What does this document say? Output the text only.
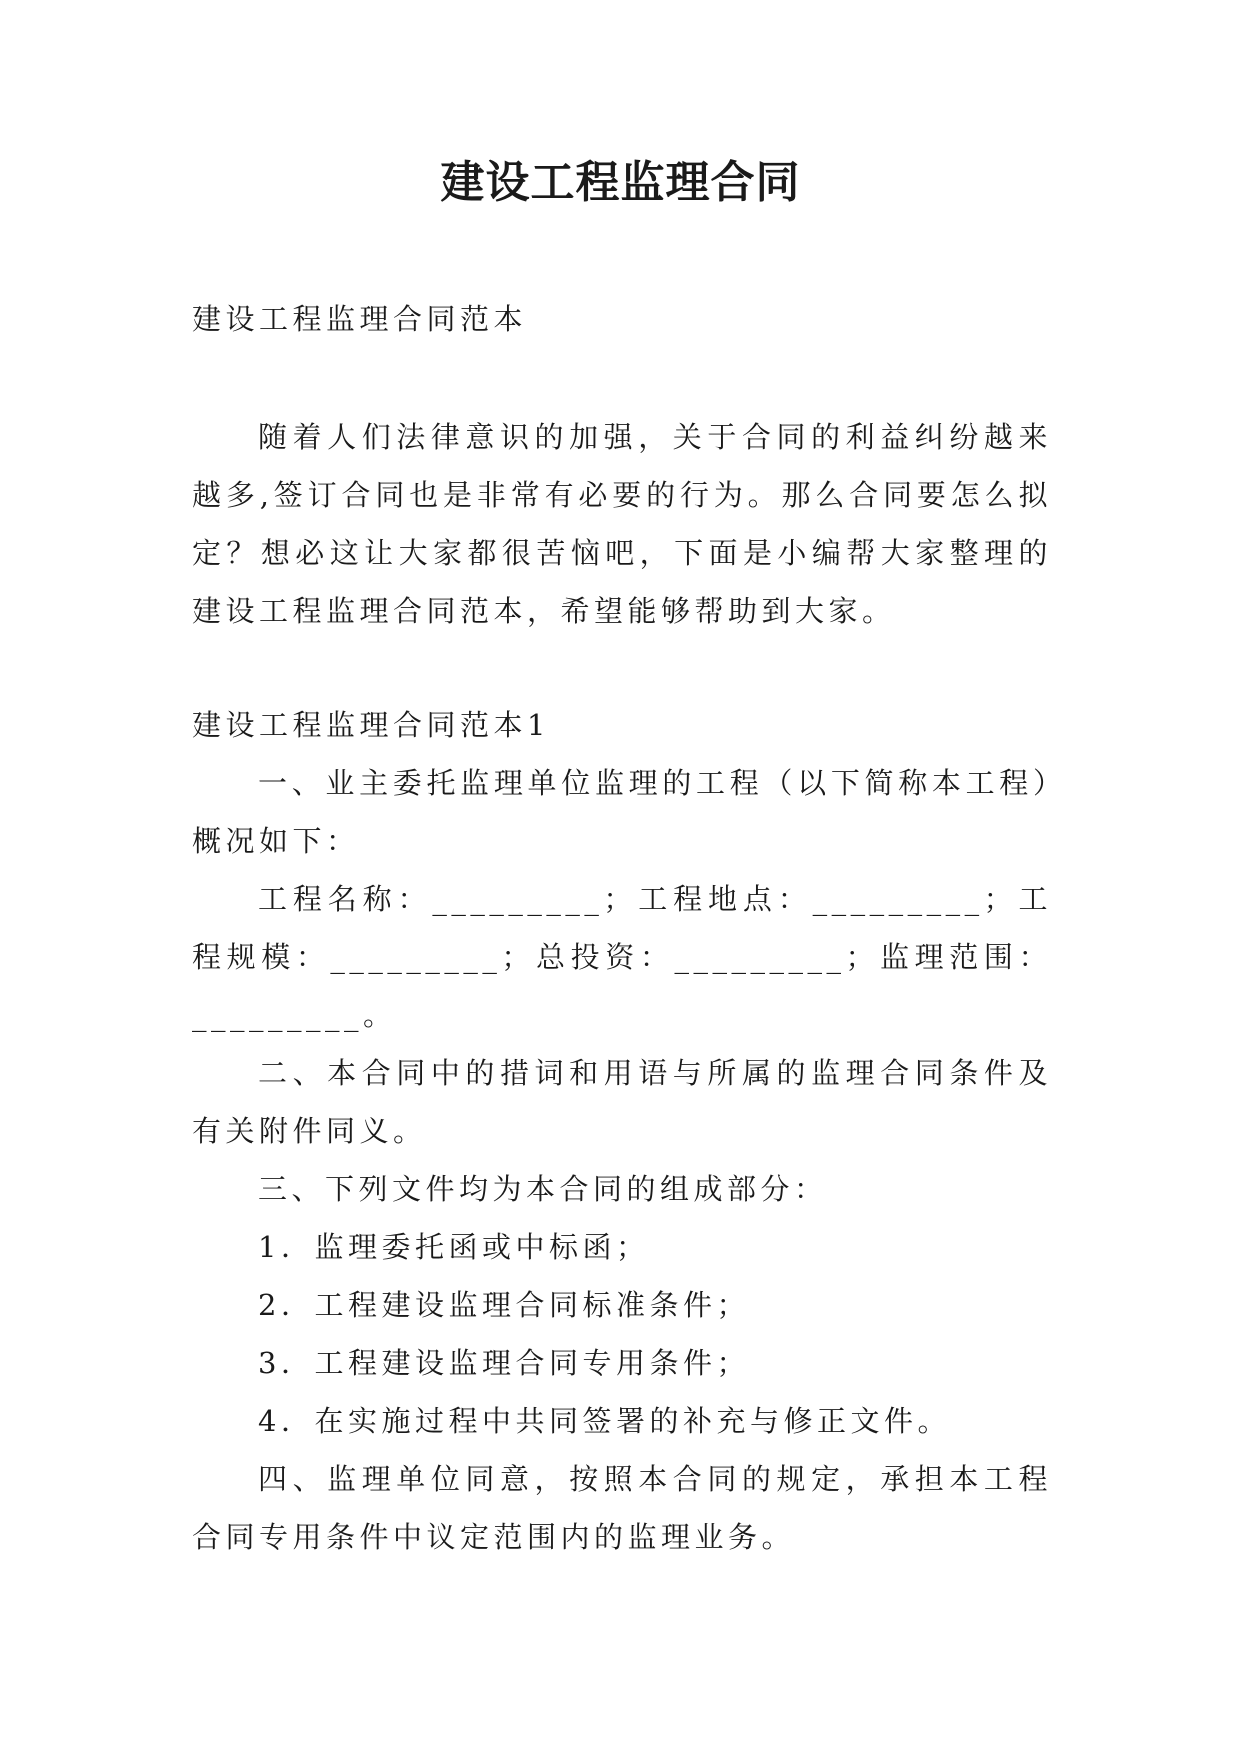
建设工程监理合同

建设工程监理合同范本

随着人们法律意识的加强，关于合同的利益纠纷越来越多,签订合同也是非常有必要的行为。那么合同要怎么拟定？想必这让大家都很苦恼吧，下面是小编帮大家整理的建设工程监理合同范本，希望能够帮助到大家。

建设工程监理合同范本1

一、业主委托监理单位监理的工程（以下简称本工程）概况如下：

工程名称：_________；工程地点：_________；工程规模：_________；总投资：_________；监理范围：_________。

二、本合同中的措词和用语与所属的监理合同条件及有关附件同义。

三、下列文件均为本合同的组成部分：

1．监理委托函或中标函；

2．工程建设监理合同标准条件；

3．工程建设监理合同专用条件；

4．在实施过程中共同签署的补充与修正文件。

四、监理单位同意，按照本合同的规定，承担本工程合同专用条件中议定范围内的监理业务。
